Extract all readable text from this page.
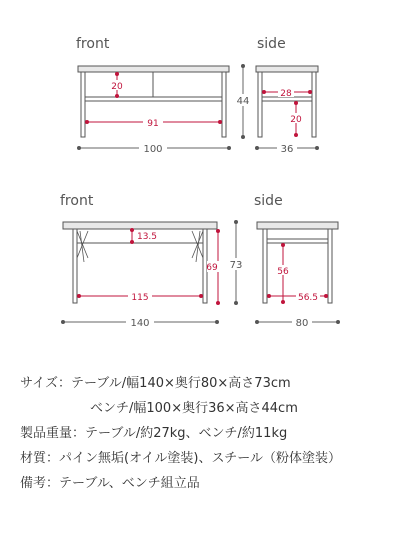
front
20
91
100
side
44
28
20
36
front
13.5
69
115
73
140
side
56
56.5
80
サイズ：テーブル/幅140×奥行80×高さ73cm
ベンチ/幅100×奥行36×高さ44cm
製品重量：テーブル/約27kg、ベンチ/約11kg
材質：パイン無垢(オイル塗装)、スチール（粉体塗装）
備考：テーブル、ベンチ組立品
